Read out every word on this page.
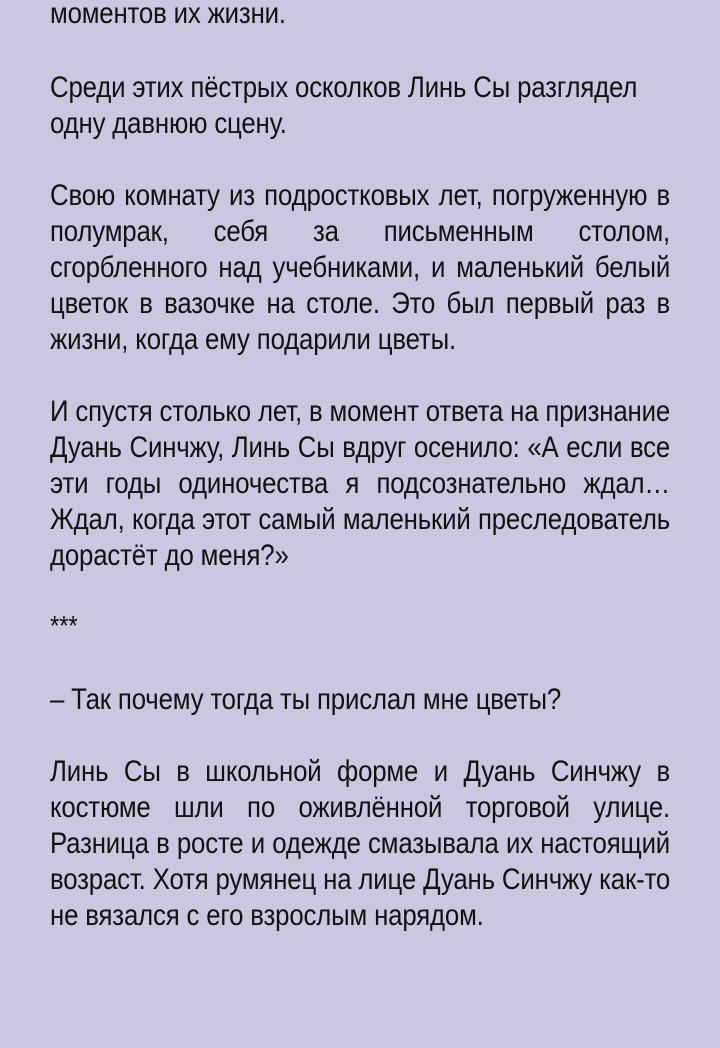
моментов их жизни.

Среди этих пёстрых осколков Линь Сы разглядел одну давнюю сцену.

Свою комнату из подростковых лет, погруженную в полумрак, себя за письменным столом, сгорбленного над учебниками, и маленький белый цветок в вазочке на столе. Это был первый раз в жизни, когда ему подарили цветы.

И спустя столько лет, в момент ответа на признание Дуань Синчжу, Линь Сы вдруг осенило: «А если все эти годы одиночества я подсознательно ждал… Ждал, когда этот самый маленький преследователь дорастёт до меня?»

***

– Так почему тогда ты прислал мне цветы?

Линь Сы в школьной форме и Дуань Синчжу в костюме шли по оживлённой торговой улице. Разница в росте и одежде смазывала их настоящий возраст. Хотя румянец на лице Дуань Синчжу как-то не вязался с его взрослым нарядом.
